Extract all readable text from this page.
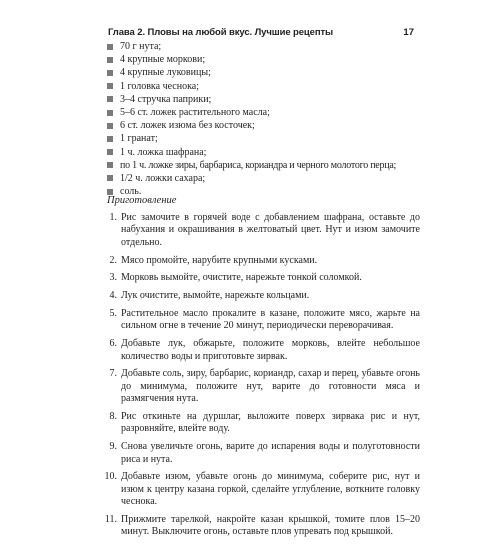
Глава 2. Пловы на любой вкус. Лучшие рецепты	17
70 г нута;
4 крупные моркови;
4 крупные луковицы;
1 головка чеснока;
3–4 стручка паприки;
5–6 ст. ложек растительного масла;
6 ст. ложек изюма без косточек;
1 гранат;
1 ч. ложка шафрана;
по 1 ч. ложке зиры, барбариса, кориандра и черного молотого перца;
1/2 ч. ложки сахара;
соль.
Приготовление
1. Рис замочите в горячей воде с добавлением шафрана, оставьте до набухания и окрашивания в желтоватый цвет. Нут и изюм замочите отдельно.
2. Мясо промойте, нарубите крупными кусками.
3. Морковь вымойте, очистите, нарежьте тонкой соломкой.
4. Лук очистите, вымойте, нарежьте кольцами.
5. Растительное масло прокалите в казане, положите мясо, жарьте на сильном огне в течение 20 минут, периодически переворачивая.
6. Добавьте лук, обжарьте, положите морковь, влейте небольшое количество воды и приготовьте зирвак.
7. Добавьте соль, зиру, барбарис, кориандр, сахар и перец, убавьте огонь до минимума, положите нут, варите до готовности мяса и размягчения нута.
8. Рис откиньте на дуршлаг, выложите поверх зирвака рис и нут, разровняйте, влейте воду.
9. Снова увеличьте огонь, варите до испарения воды и полуготовности риса и нута.
10. Добавьте изюм, убавьте огонь до минимума, соберите рис, нут и изюм к центру казана горкой, сделайте углубление, воткните головку чеснока.
11. Прижмите тарелкой, накройте казан крышкой, томите плов 15–20 минут. Выключите огонь, оставьте плов упревать под крышкой.
